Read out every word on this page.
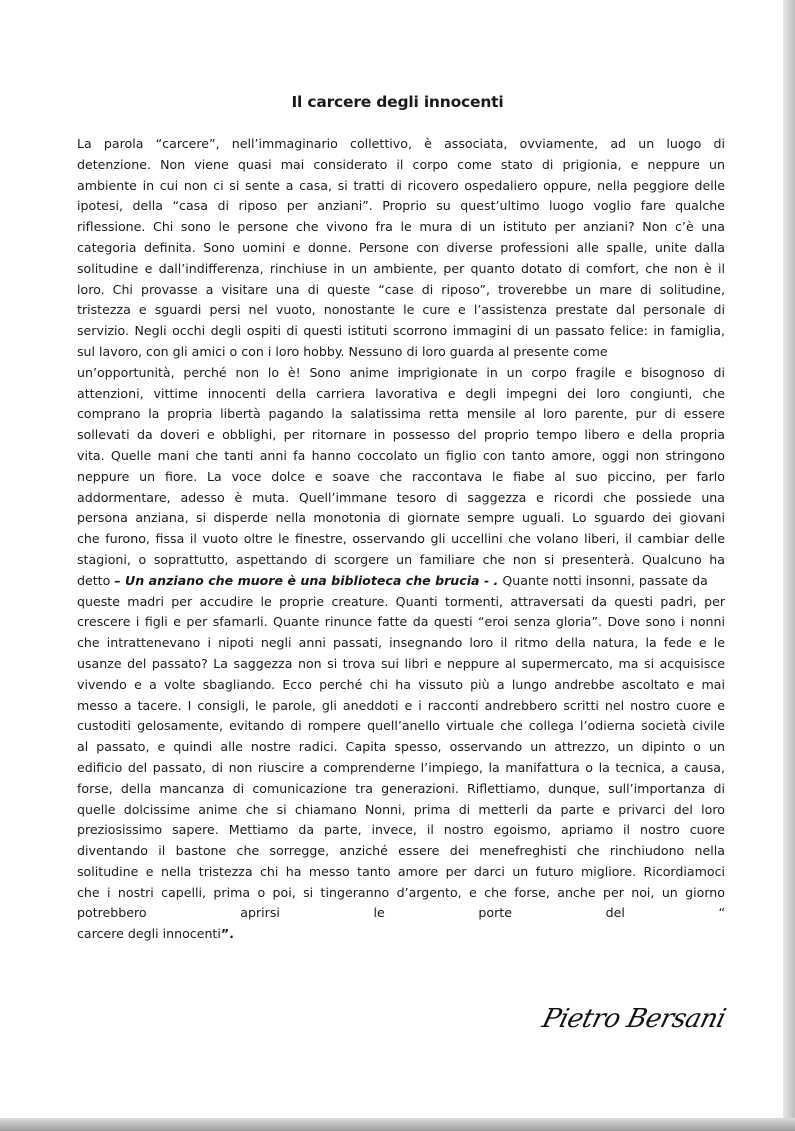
Il carcere degli innocenti
La parola “carcere”, nell’immaginario collettivo, è associata, ovviamente, ad un luogo di
detenzione. Non viene quasi mai considerato il corpo come stato di prigionia, e neppure un
ambiente in cui non ci si sente a casa, si tratti di ricovero ospedaliero oppure, nella peggiore delle
ipotesi, della “casa di riposo per anziani”. Proprio su quest’ultimo luogo voglio fare qualche
riflessione. Chi sono le persone che vivono fra le mura di un istituto per anziani? Non c’è una
categoria definita. Sono uomini e donne. Persone con diverse professioni alle spalle, unite dalla
solitudine e dall’indifferenza, rinchiuse in un ambiente, per quanto dotato di comfort, che non è il
loro. Chi provasse a visitare una di queste “case di riposo”, troverebbe un mare di solitudine,
tristezza e sguardi persi nel vuoto, nonostante le cure e l’assistenza prestate dal personale di
servizio. Negli occhi degli ospiti di questi istituti scorrono immagini di un passato felice: in famiglia,
sul lavoro, con gli amici o con i loro hobby. Nessuno di loro guarda al presente come
un’opportunità, perché non lo è! Sono anime imprigionate in un corpo fragile e bisognoso di
attenzioni, vittime innocenti della carriera lavorativa e degli impegni dei loro congiunti, che
comprano la propria libertà pagando la salatissima retta mensile al loro parente, pur di essere
sollevati da doveri e obblighi, per ritornare in possesso del proprio tempo libero e della propria
vita. Quelle mani che tanti anni fa hanno coccolato un figlio con tanto amore, oggi non stringono
neppure un fiore. La voce dolce e soave che raccontava le fiabe al suo piccino, per farlo
addormentare, adesso è muta. Quell’immane tesoro di saggezza e ricordi che possiede una
persona anziana, si disperde nella monotonia di giornate sempre uguali. Lo sguardo dei giovani
che furono, fissa il vuoto oltre le finestre, osservando gli uccellini che volano liberi, il cambiar delle
stagioni, o soprattutto, aspettando di scorgere un familiare che non si presenterà. Qualcuno ha
detto – Un anziano che muore è una biblioteca che brucia - . Quante notti insonni, passate da
queste madri per accudire le proprie creature. Quanti tormenti, attraversati da questi padri, per
crescere i figli e per sfamarli. Quante rinunce fatte da questi “eroi senza gloria”. Dove sono i nonni
che intrattenevano i nipoti negli anni passati, insegnando loro il ritmo della natura, la fede e le
usanze del passato? La saggezza non si trova sui libri e neppure al supermercato, ma si acquisisce
vivendo e a volte sbagliando. Ecco perché chi ha vissuto più a lungo andrebbe ascoltato e mai
messo a tacere. I consigli, le parole, gli aneddoti e i racconti andrebbero scritti nel nostro cuore e
custoditi gelosamente, evitando di rompere quell’anello virtuale che collega l’odierna società civile
al passato, e quindi alle nostre radici. Capita spesso, osservando un attrezzo, un dipinto o un
edificio del passato, di non riuscire a comprenderne l’impiego, la manifattura o la tecnica, a causa,
forse, della mancanza di comunicazione tra generazioni. Riflettiamo, dunque, sull’importanza di
quelle dolcissime anime che si chiamano Nonni, prima di metterli da parte e privarci del loro
preziosissimo sapere. Mettiamo da parte, invece, il nostro egoismo, apriamo il nostro cuore
diventando il bastone che sorregge, anziché essere dei menefreghisti che rinchiudono nella
solitudine e nella tristezza chi ha messo tanto amore per darci un futuro migliore. Ricordiamoci
che i nostri capelli, prima o poi, si tingeranno d’argento, e che forse, anche per noi, un giorno
potrebbero aprirsi le porte del “
carcere degli innocenti”.
Pietro Bersani
